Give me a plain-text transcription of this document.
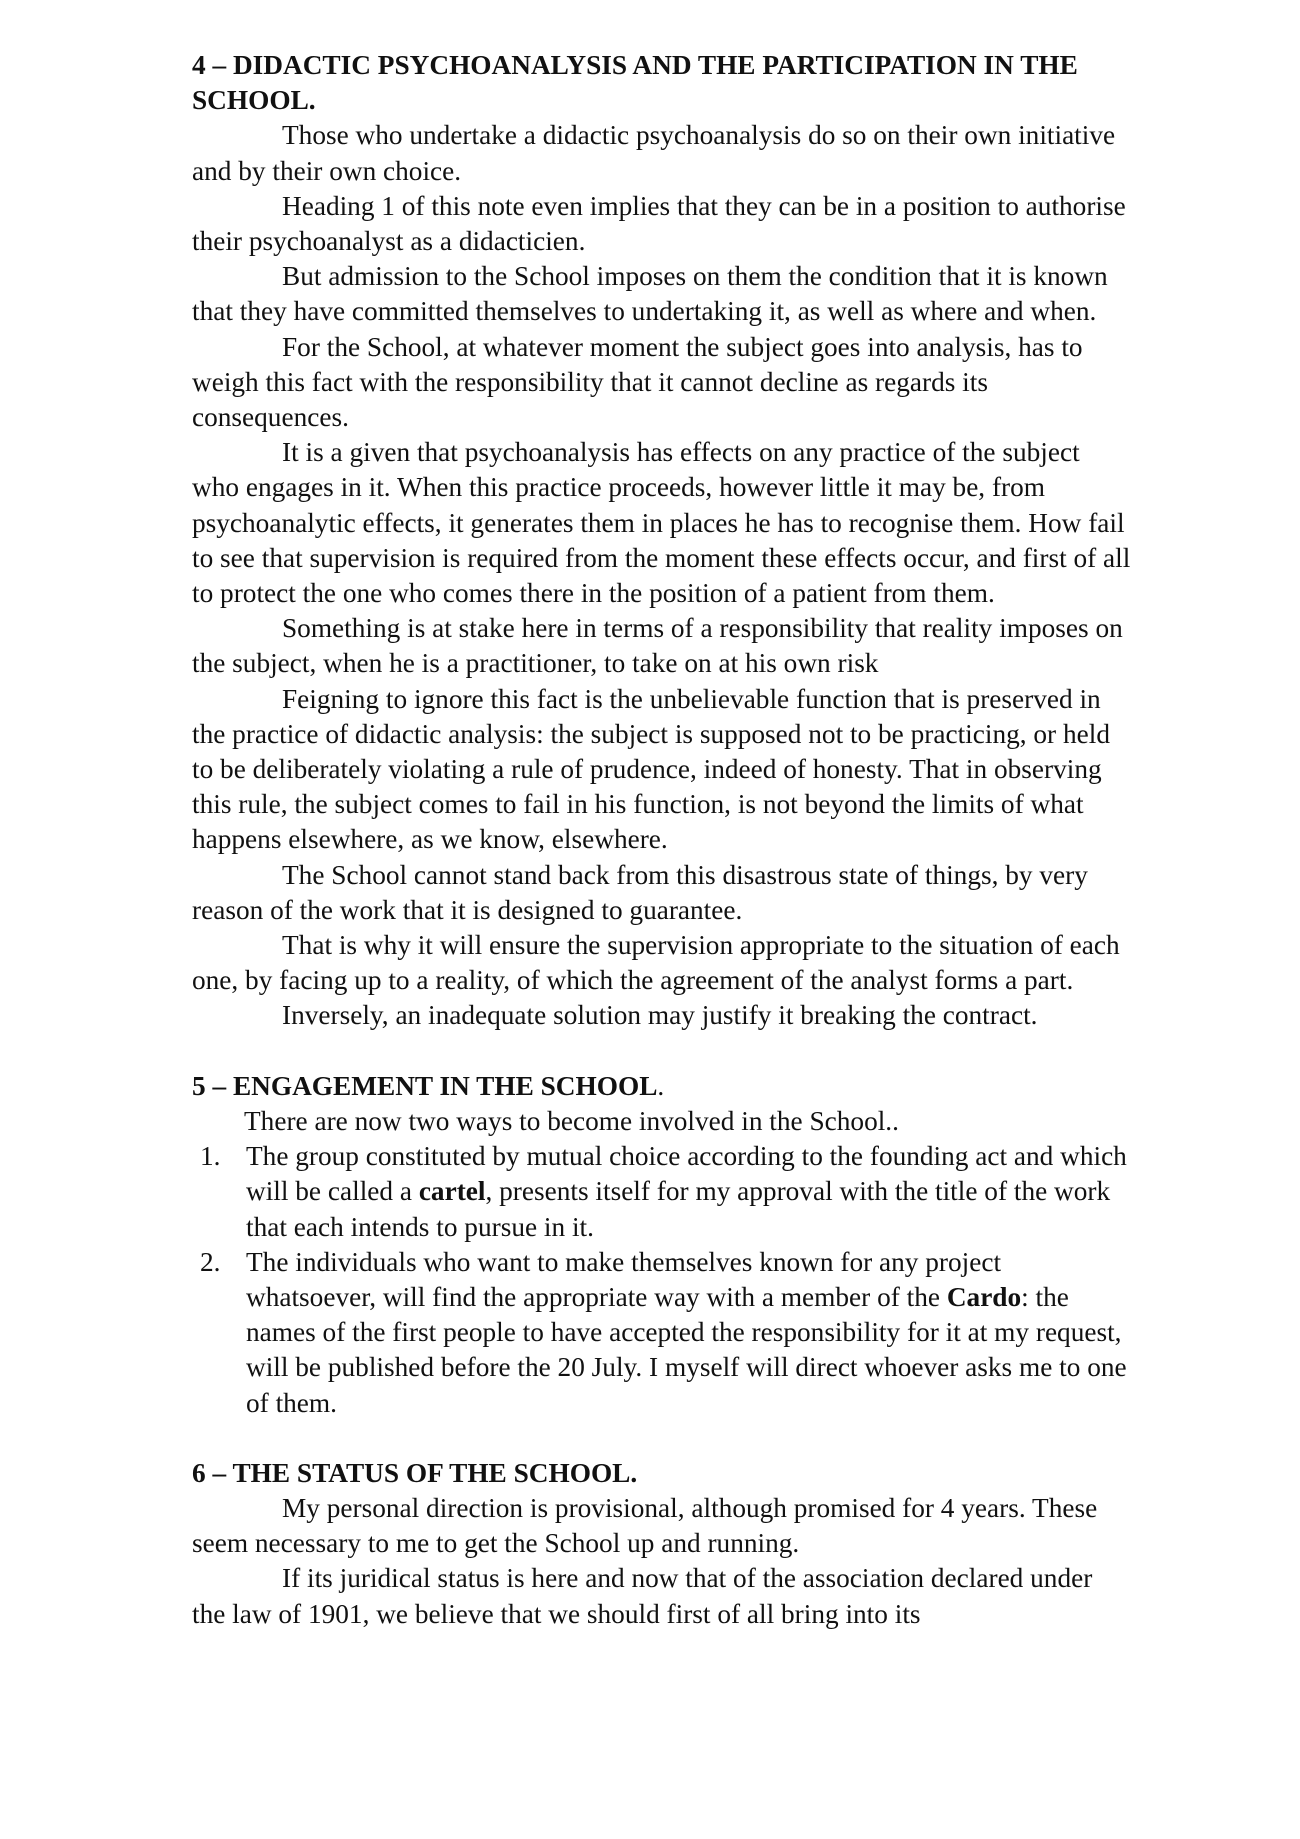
4 – DIDACTIC PSYCHOANALYSIS AND THE PARTICIPATION IN THE SCHOOL.

Those who undertake a didactic psychoanalysis do so on their own initiative and by their own choice.

Heading 1 of this note even implies that they can be in a position to authorise their psychoanalyst as a didacticien.

But admission to the School imposes on them the condition that it is known that they have committed themselves to undertaking it, as well as where and when.

For the School, at whatever moment the subject goes into analysis, has to weigh this fact with the responsibility that it cannot decline as regards its consequences.

It is a given that psychoanalysis has effects on any practice of the subject who engages in it. When this practice proceeds, however little it may be, from psychoanalytic effects, it generates them in places he has to recognise them. How fail to see that supervision is required from the moment these effects occur, and first of all to protect the one who comes there in the position of a patient from them.

Something is at stake here in terms of a responsibility that reality imposes on the subject, when he is a practitioner, to take on at his own risk

Feigning to ignore this fact is the unbelievable function that is preserved in the practice of didactic analysis: the subject is supposed not to be practicing, or held to be deliberately violating a rule of prudence, indeed of honesty. That in observing this rule, the subject comes to fail in his function, is not beyond the limits of what happens elsewhere, as we know, elsewhere.

The School cannot stand back from this disastrous state of things, by very reason of the work that it is designed to guarantee.

That is why it will ensure the supervision appropriate to the situation of each one, by facing up to a reality, of which the agreement of the analyst forms a part.

Inversely, an inadequate solution may justify it breaking the contract.

5 – ENGAGEMENT IN THE SCHOOL.

There are now two ways to become involved in the School..

1. The group constituted by mutual choice according to the founding act and which will be called a cartel, presents itself for my approval with the title of the work that each intends to pursue in it.
2. The individuals who want to make themselves known for any project whatsoever, will find the appropriate way with a member of the Cardo: the names of the first people to have accepted the responsibility for it at my request, will be published before the 20 July. I myself will direct whoever asks me to one of them.

6 – THE STATUS OF THE SCHOOL.

My personal direction is provisional, although promised for 4 years. These seem necessary to me to get the School up and running.

If its juridical status is here and now that of the association declared under the law of 1901, we believe that we should first of all bring into its
